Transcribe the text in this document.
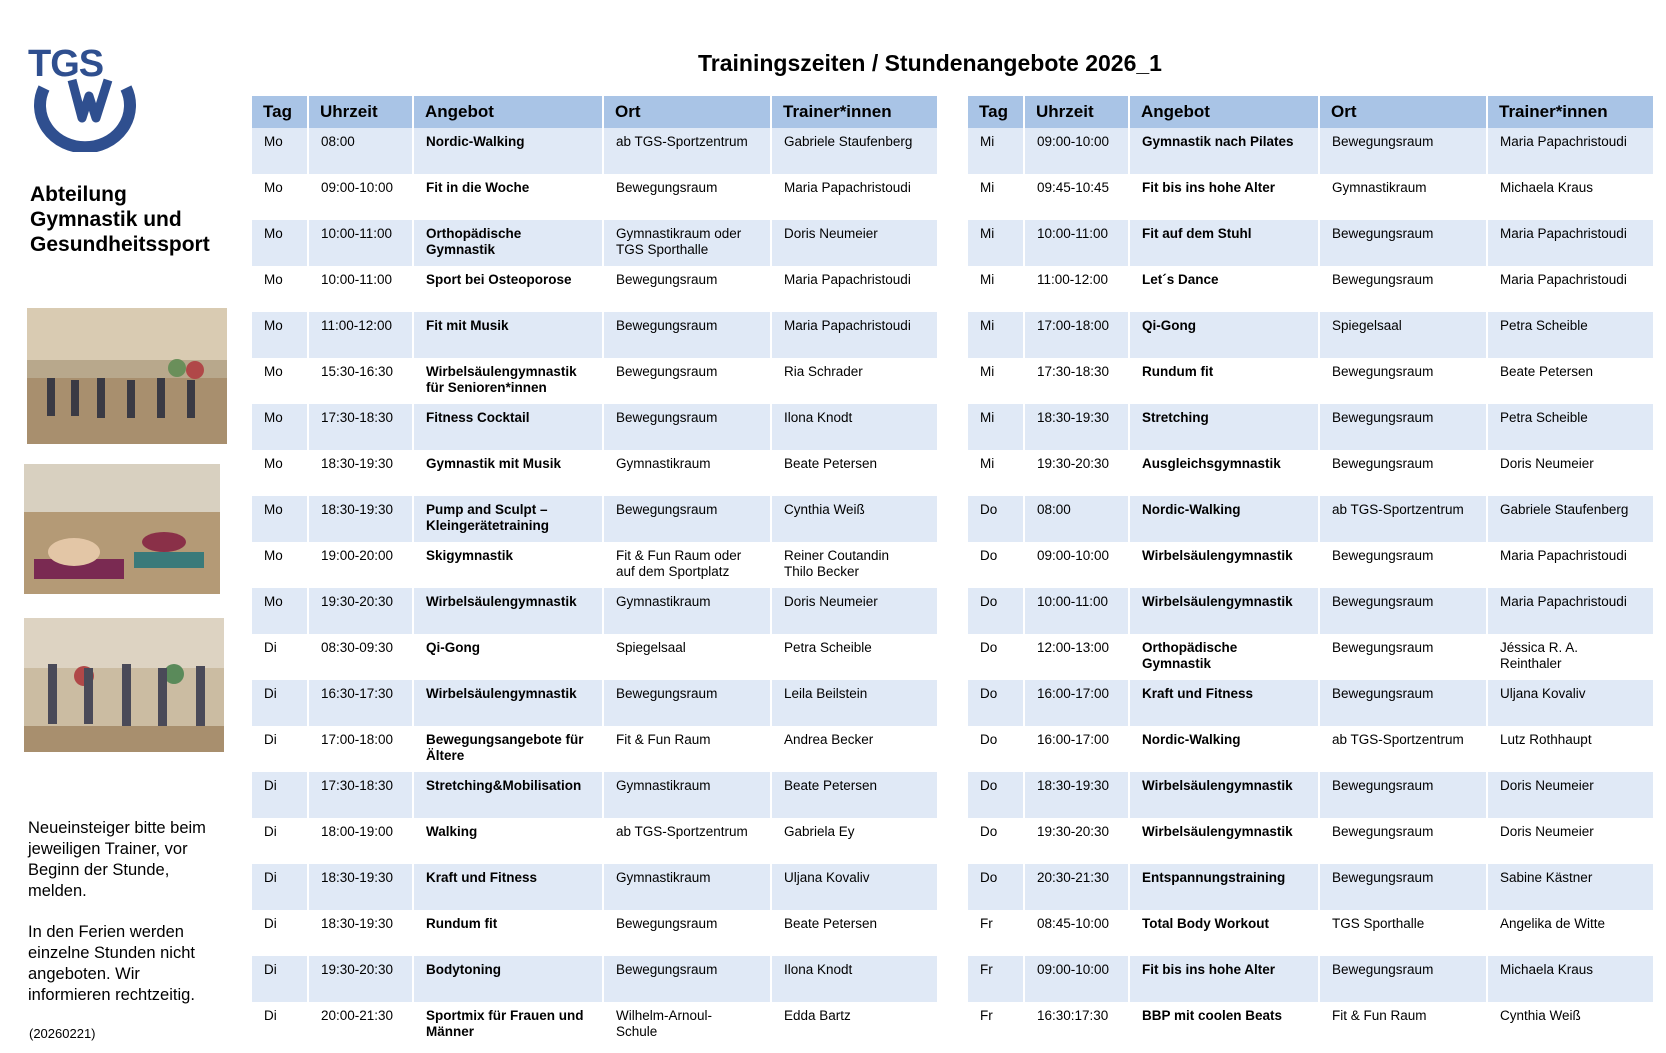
TGS
Abteilung
Gymnastik und
Gesundheitssport
Neueinsteiger bitte beim
jeweiligen Trainer, vor
Beginn der Stunde,
melden.
In den Ferien werden
einzelne Stunden nicht
angeboten. Wir
informieren rechtzeitig.
(20260221)
Trainingszeiten / Stundenangebote 2026_1
Tag	Uhrzeit	Angebot	Ort	Trainer*innen
Mo	08:00	Nordic-Walking	ab TGS-Sportzentrum	Gabriele Staufenberg
Mo	09:00-10:00	Fit in die Woche	Bewegungsraum	Maria Papachristoudi
Mo	10:00-11:00	Orthopädische
Gymnastik	Gymnastikraum oder
TGS Sporthalle	Doris Neumeier
Mo	10:00-11:00	Sport bei Osteoporose	Bewegungsraum	Maria Papachristoudi
Mo	11:00-12:00	Fit mit Musik	Bewegungsraum	Maria Papachristoudi
Mo	15:30-16:30	Wirbelsäulengymnastik
für Senioren*innen	Bewegungsraum	Ria Schrader
Mo	17:30-18:30	Fitness Cocktail	Bewegungsraum	Ilona Knodt
Mo	18:30-19:30	Gymnastik mit Musik	Gymnastikraum	Beate Petersen
Mo	18:30-19:30	Pump and Sculpt –
Kleingerätetraining	Bewegungsraum	Cynthia Weiß
Mo	19:00-20:00	Skigymnastik	Fit & Fun Raum oder
auf dem Sportplatz	Reiner Coutandin
Thilo Becker
Mo	19:30-20:30	Wirbelsäulengymnastik	Gymnastikraum	Doris Neumeier
Di	08:30-09:30	Qi-Gong	Spiegelsaal	Petra Scheible
Di	16:30-17:30	Wirbelsäulengymnastik	Bewegungsraum	Leila Beilstein
Di	17:00-18:00	Bewegungsangebote für
Ältere	Fit & Fun Raum	Andrea Becker
Di	17:30-18:30	Stretching&Mobilisation	Gymnastikraum	Beate Petersen
Di	18:00-19:00	Walking	ab TGS-Sportzentrum	Gabriela Ey
Di	18:30-19:30	Kraft und Fitness	Gymnastikraum	Uljana Kovaliv
Di	18:30-19:30	Rundum fit	Bewegungsraum	Beate Petersen
Di	19:30-20:30	Bodytoning	Bewegungsraum	Ilona Knodt
Di	20:00-21:30	Sportmix für Frauen und
Männer	Wilhelm-Arnoul-
Schule	Edda Bartz
Tag	Uhrzeit	Angebot	Ort	Trainer*innen
Mi	09:00-10:00	Gymnastik nach Pilates	Bewegungsraum	Maria Papachristoudi
Mi	09:45-10:45	Fit bis ins hohe Alter	Gymnastikraum	Michaela Kraus
Mi	10:00-11:00	Fit auf dem Stuhl	Bewegungsraum	Maria Papachristoudi
Mi	11:00-12:00	Let´s Dance	Bewegungsraum	Maria Papachristoudi
Mi	17:00-18:00	Qi-Gong	Spiegelsaal	Petra Scheible
Mi	17:30-18:30	Rundum fit	Bewegungsraum	Beate Petersen
Mi	18:30-19:30	Stretching	Bewegungsraum	Petra Scheible
Mi	19:30-20:30	Ausgleichsgymnastik	Bewegungsraum	Doris Neumeier
Do	08:00	Nordic-Walking	ab TGS-Sportzentrum	Gabriele Staufenberg
Do	09:00-10:00	Wirbelsäulengymnastik	Bewegungsraum	Maria Papachristoudi
Do	10:00-11:00	Wirbelsäulengymnastik	Bewegungsraum	Maria Papachristoudi
Do	12:00-13:00	Orthopädische
Gymnastik	Bewegungsraum	Jéssica R. A.
Reinthaler
Do	16:00-17:00	Kraft und Fitness	Bewegungsraum	Uljana Kovaliv
Do	16:00-17:00	Nordic-Walking	ab TGS-Sportzentrum	Lutz Rothhaupt
Do	18:30-19:30	Wirbelsäulengymnastik	Bewegungsraum	Doris Neumeier
Do	19:30-20:30	Wirbelsäulengymnastik	Bewegungsraum	Doris Neumeier
Do	20:30-21:30	Entspannungstraining	Bewegungsraum	Sabine Kästner
Fr	08:45-10:00	Total Body Workout	TGS Sporthalle	Angelika de Witte
Fr	09:00-10:00	Fit bis ins hohe Alter	Bewegungsraum	Michaela Kraus
Fr	16:30:17:30	BBP mit coolen Beats	Fit & Fun Raum	Cynthia Weiß
